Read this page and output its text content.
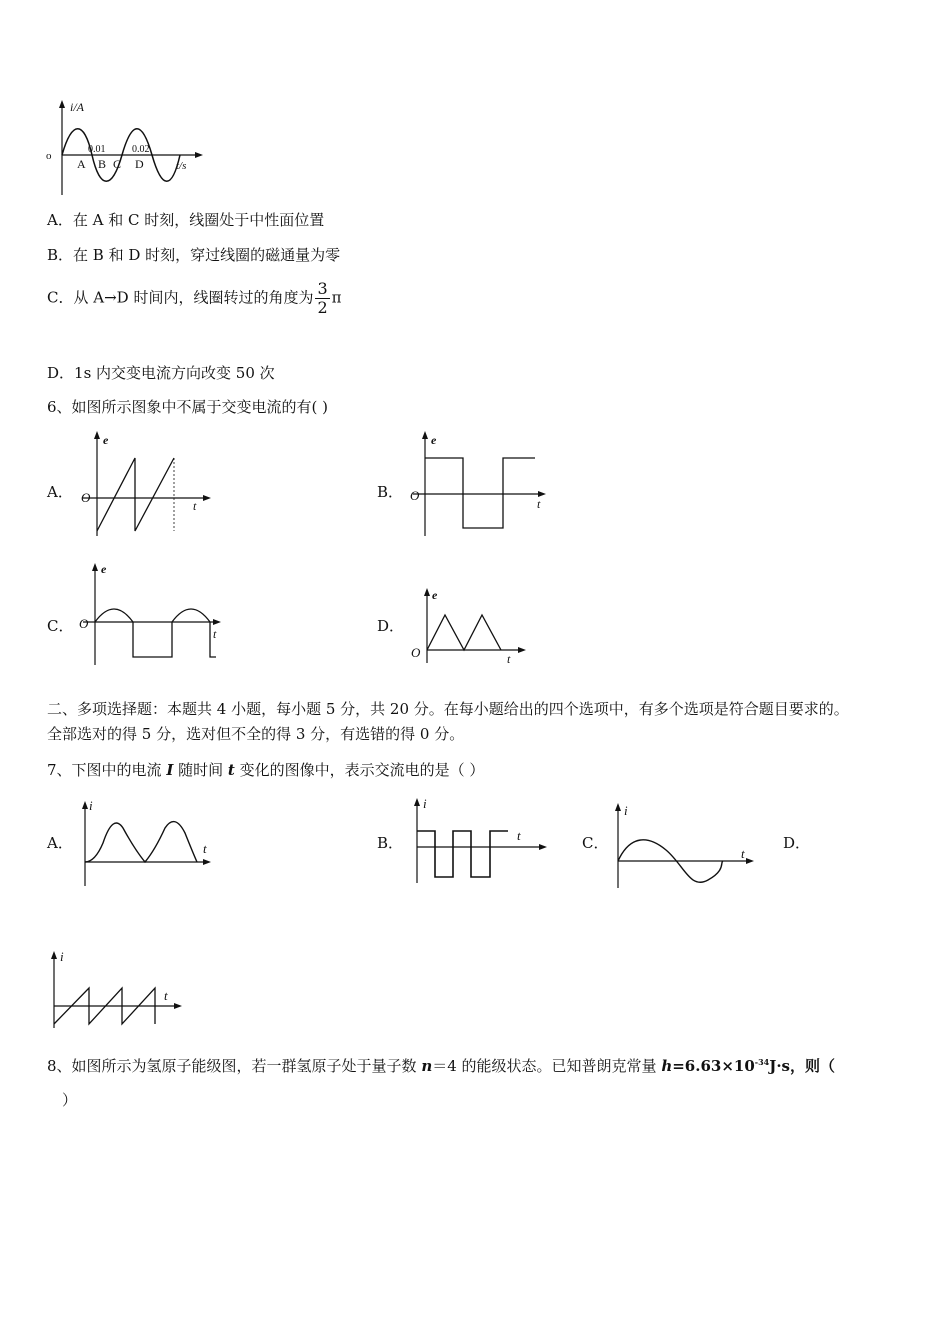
i/A
o
0.01	0.02
A B C D	t/s
A．在 A 和 C 时刻，线圈处于中性面位置
B．在 B 和 D 时刻，穿过线圈的磁通量为零
C．从 A→D 时间内，线圈转过的角度为 $\frac{3}{2}$ π
D．1s 内交变电流方向改变 50 次
6、如图所示图象中不属于交变电流的有( )
A．
e
O
t
B．
e
O
t
C．
e
O
t	D．
e
O	t
二、多项选择题：本题共 4 小题，每小题 5 分，共 20 分。在每小题给出的四个选项中，有多个选项是符合题目要求的。
全部选对的得 5 分，选对但不全的得 3 分，有选错的得 0 分。
7、下图中的电流 I 随时间 t 变化的图像中，表示交流电的是（ ）
A．
i
t	B．
i
t	C．
i
t
D．
i
t
8、如图所示为氢原子能级图，若一群氢原子处于量子数 n＝4 的能级状态。已知普朗克常量 $h=6.63\times 10^{-34}J\cdot s$，则（
）
